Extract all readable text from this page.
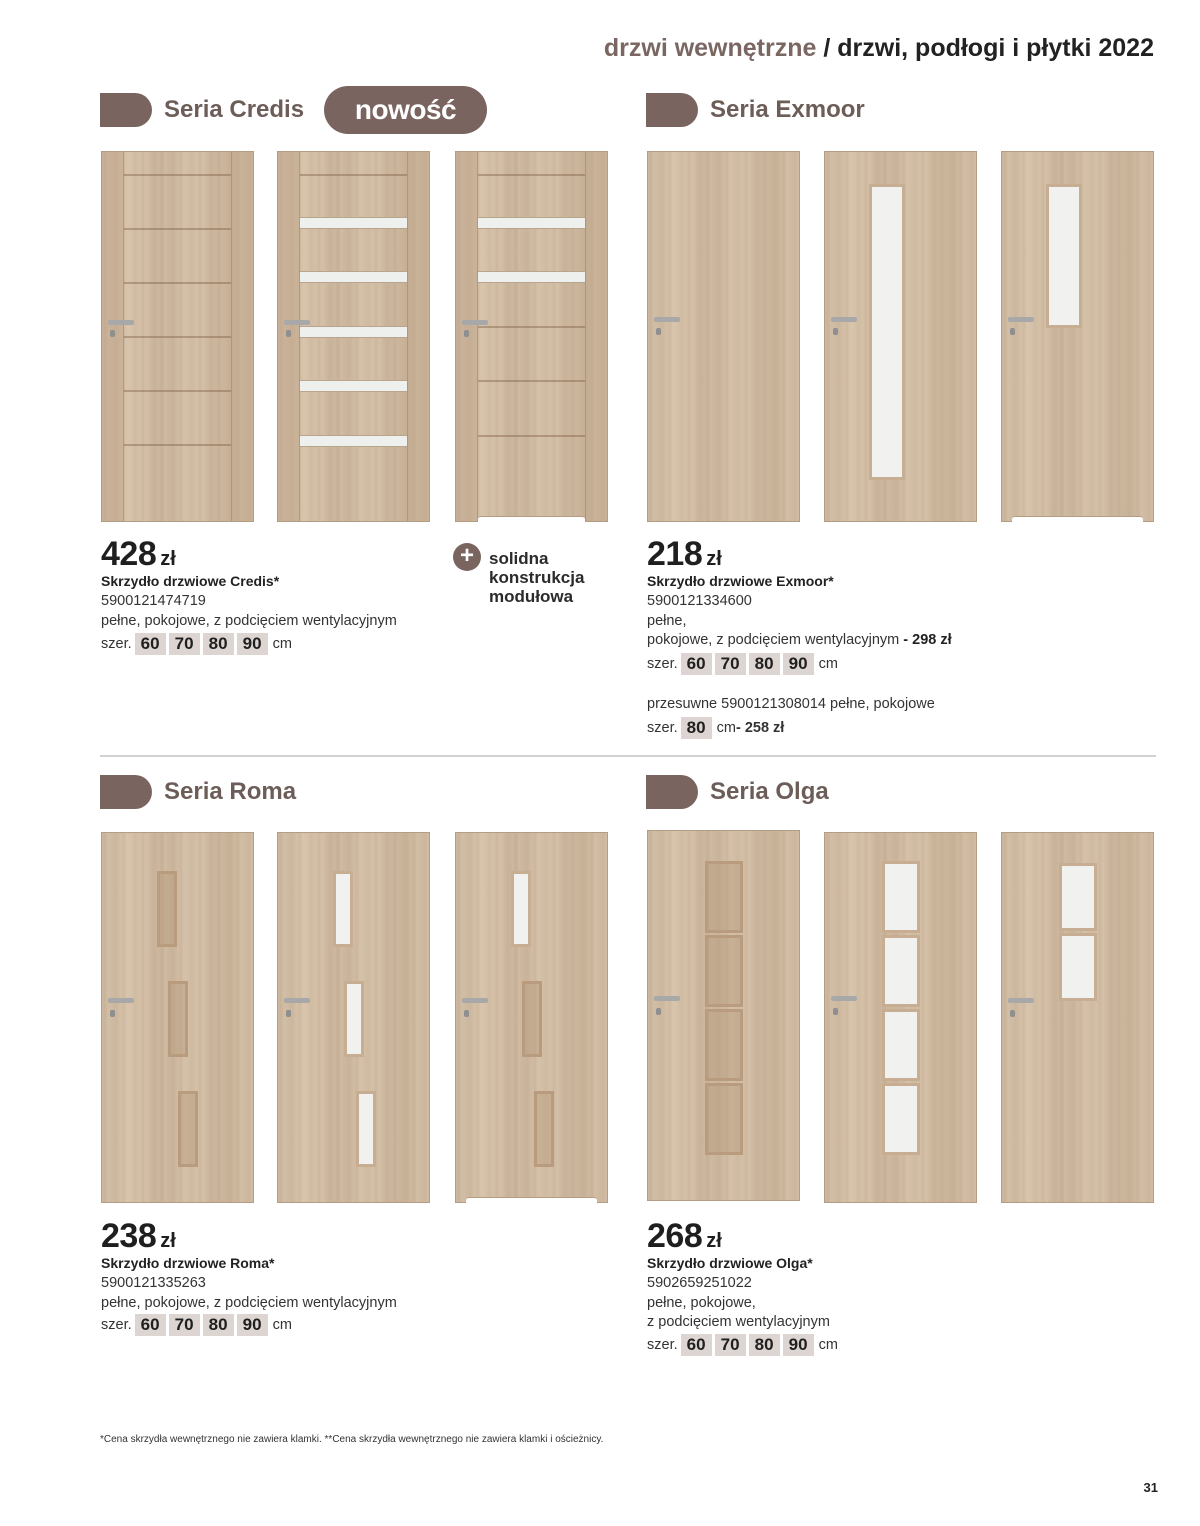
drzwi wewnętrzne / drzwi, podłogi i płytki 2022
Seria Credis	nowość	Seria Exmoor
Seria Roma	Seria Olga
428 zł
Skrzydło drzwiowe Credis*
5900121474719
pełne, pokojowe, z podcięciem wentylacyjnym
szer. 60 70 80 90 cm
+ solidna
konstrukcja
modułowa
218 zł
Skrzydło drzwiowe Exmoor*
5900121334600
pełne,
pokojowe, z podcięciem wentylacyjnym - 298 zł
szer. 60 70 80 90 cm
przesuwne 5900121308014 pełne, pokojowe
szer. 80 cm - 258 zł
238 zł
Skrzydło drzwiowe Roma*
5900121335263
pełne, pokojowe, z podcięciem wentylacyjnym
szer. 60 70 80 90 cm
268 zł
Skrzydło drzwiowe Olga*
5902659251022
pełne, pokojowe,
z podcięciem wentylacyjnym
szer. 60 70 80 90 cm
*Cena skrzydła wewnętrznego nie zawiera klamki. **Cena skrzydła wewnętrznego nie zawiera klamki i ościeżnicy.
31
